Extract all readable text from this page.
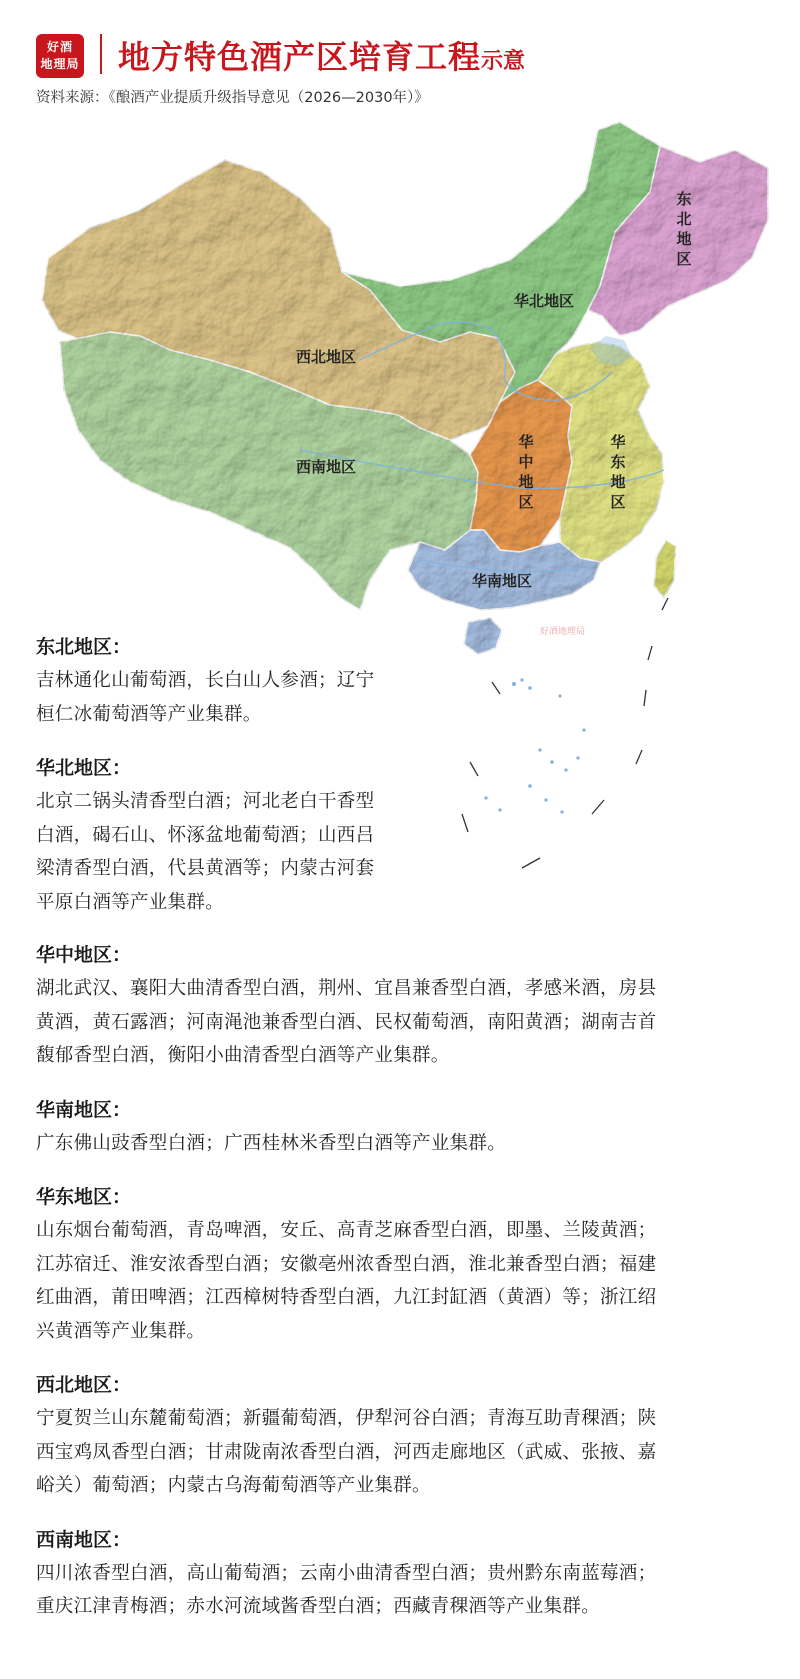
好酒
地理局 地方特色酒产区培育工程示意
资料来源：《酿酒产业提质升级指导意见（2026—2030年）》
东
北
地
区
华北地区
西北地区
西南地区
华
中
地
区
华
东
地
区
华南地区
好酒地理局
东北地区：
吉林通化山葡萄酒，长白山人参酒；辽宁
桓仁冰葡萄酒等产业集群。
华北地区：
北京二锅头清香型白酒；河北老白干香型
白酒，碣石山、怀涿盆地葡萄酒；山西吕
梁清香型白酒，代县黄酒等；内蒙古河套
平原白酒等产业集群。
华中地区：
湖北武汉、襄阳大曲清香型白酒，荆州、宜昌兼香型白酒，孝感米酒，房县
黄酒，黄石露酒；河南渑池兼香型白酒、民权葡萄酒，南阳黄酒；湖南吉首
馥郁香型白酒，衡阳小曲清香型白酒等产业集群。
华南地区：
广东佛山豉香型白酒；广西桂林米香型白酒等产业集群。
华东地区：
山东烟台葡萄酒，青岛啤酒，安丘、高青芝麻香型白酒，即墨、兰陵黄酒；
江苏宿迁、淮安浓香型白酒；安徽亳州浓香型白酒，淮北兼香型白酒；福建
红曲酒，莆田啤酒；江西樟树特香型白酒，九江封缸酒（黄酒）等；浙江绍
兴黄酒等产业集群。
西北地区：
宁夏贺兰山东麓葡萄酒；新疆葡萄酒，伊犁河谷白酒；青海互助青稞酒；陕
西宝鸡凤香型白酒；甘肃陇南浓香型白酒，河西走廊地区（武威、张掖、嘉
峪关）葡萄酒；内蒙古乌海葡萄酒等产业集群。
西南地区：
四川浓香型白酒，高山葡萄酒；云南小曲清香型白酒；贵州黔东南蓝莓酒；
重庆江津青梅酒；赤水河流域酱香型白酒；西藏青稞酒等产业集群。
